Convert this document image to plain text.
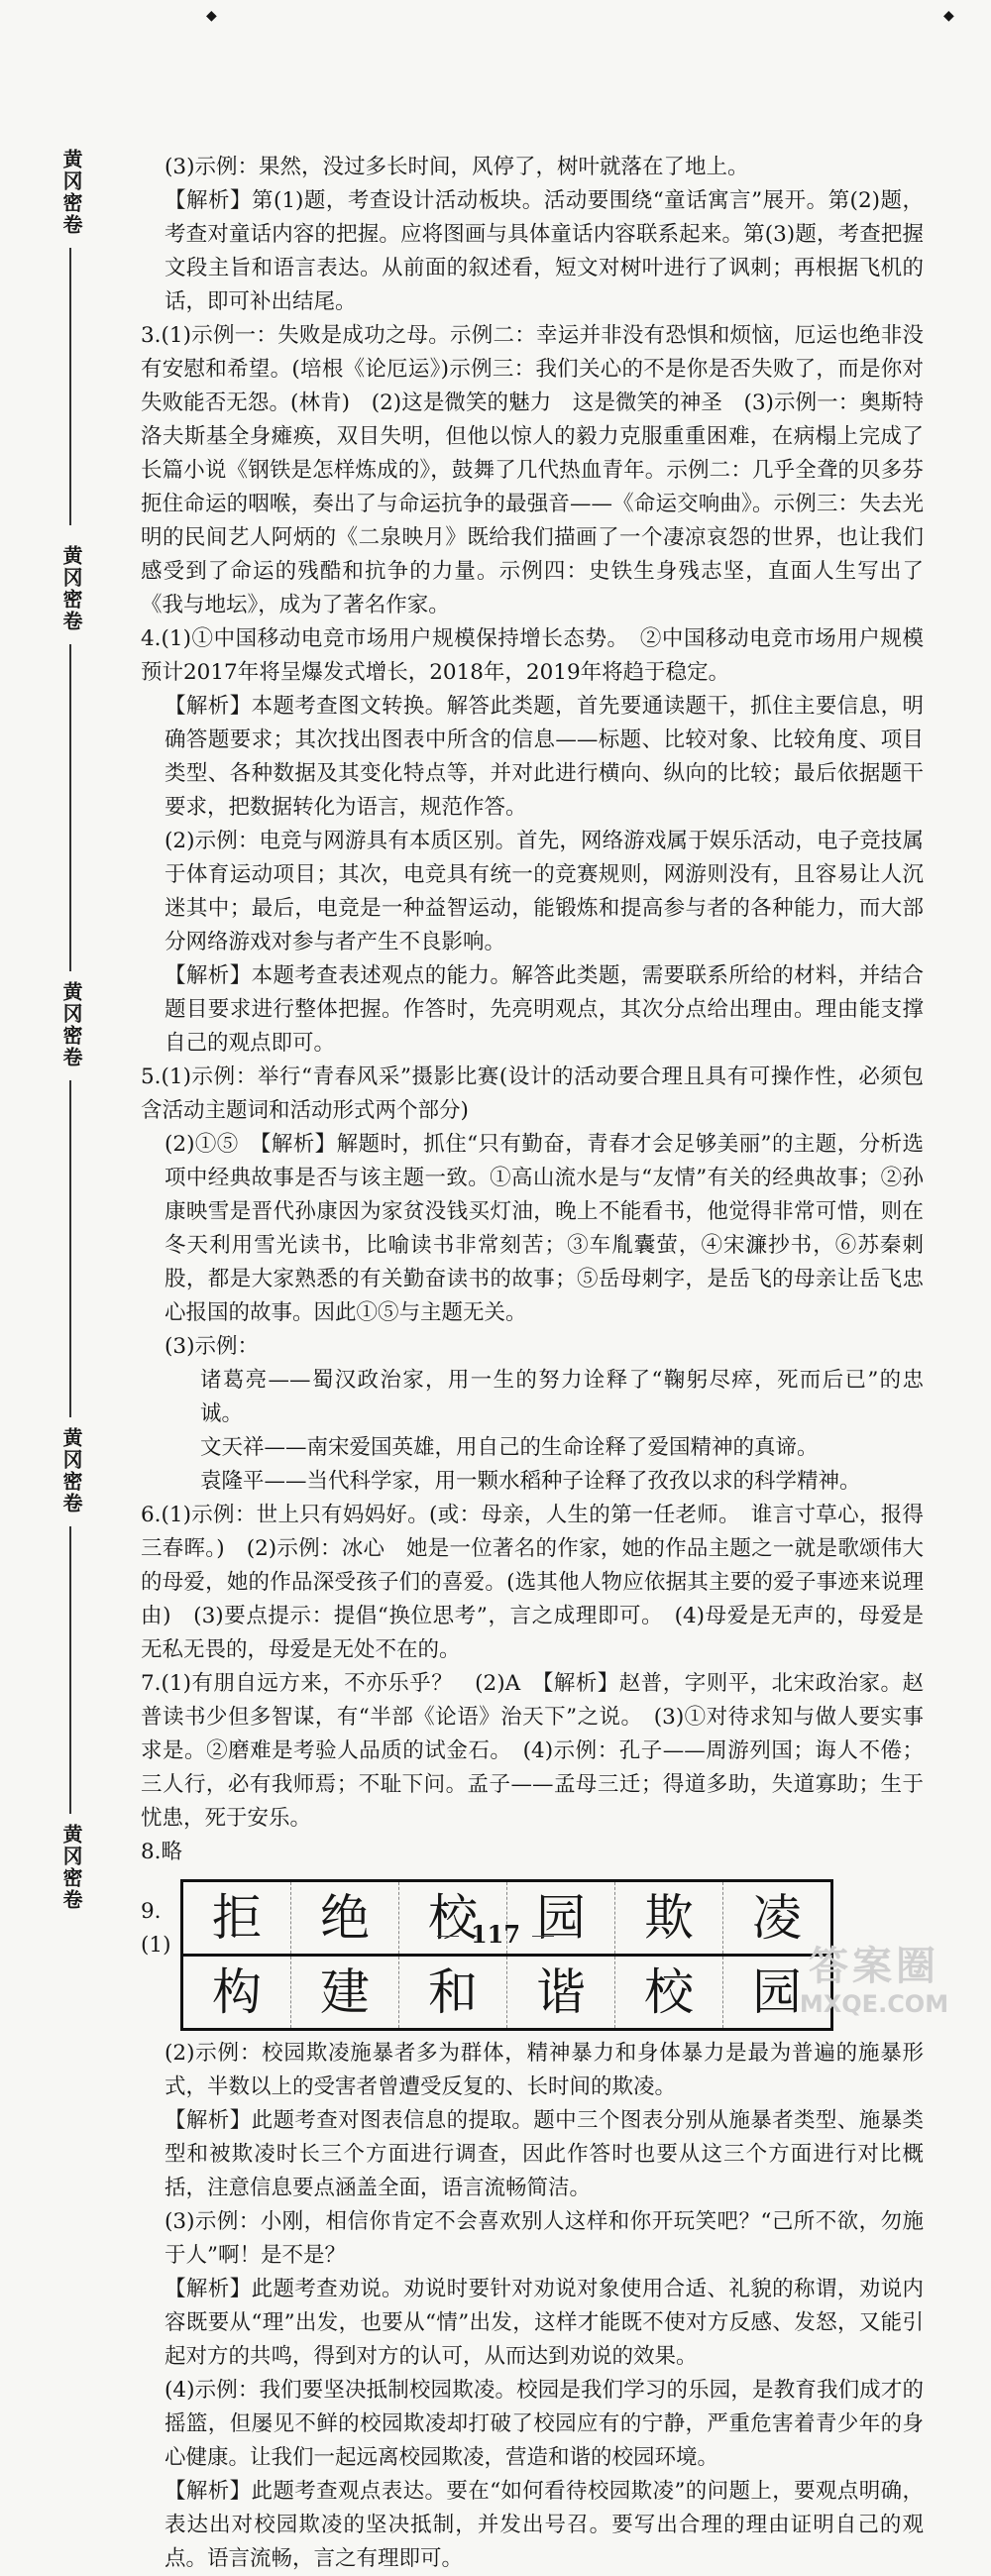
◆	◆
黄冈密卷
黄冈密卷
黄冈密卷
黄冈密卷
黄冈密卷

(3)示例：果然，没过多长时间，风停了，树叶就落在了地上。

【解析】第(1)题，考查设计活动板块。活动要围绕“童话寓言”展开。第(2)题，考查对童话内容的把握。应将图画与具体童话内容联系起来。第(3)题，考查把握文段主旨和语言表达。从前面的叙述看，短文对树叶进行了讽刺；再根据飞机的话，即可补出结尾。

3.(1)示例一：失败是成功之母。示例二：幸运并非没有恐惧和烦恼，厄运也绝非没有安慰和希望。(培根《论厄运》)示例三：我们关心的不是你是否失败了，而是你对失败能否无怨。(林肯)　(2)这是微笑的魅力　这是微笑的神圣　(3)示例一：奥斯特洛夫斯基全身瘫痪，双目失明，但他以惊人的毅力克服重重困难，在病榻上完成了长篇小说《钢铁是怎样炼成的》，鼓舞了几代热血青年。示例二：几乎全聋的贝多芬扼住命运的咽喉，奏出了与命运抗争的最强音——《命运交响曲》。示例三：失去光明的民间艺人阿炳的《二泉映月》既给我们描画了一个凄凉哀怨的世界，也让我们感受到了命运的残酷和抗争的力量。示例四：史铁生身残志坚，直面人生写出了《我与地坛》，成为了著名作家。

4.(1)①中国移动电竞市场用户规模保持增长态势。　②中国移动电竞市场用户规模预计2017年将呈爆发式增长，2018年，2019年将趋于稳定。

【解析】本题考查图文转换。解答此类题，首先要通读题干，抓住主要信息，明确答题要求；其次找出图表中所含的信息——标题、比较对象、比较角度、项目类型、各种数据及其变化特点等，并对此进行横向、纵向的比较；最后依据题干要求，把数据转化为语言，规范作答。

(2)示例：电竞与网游具有本质区别。首先，网络游戏属于娱乐活动，电子竞技属于体育运动项目；其次，电竞具有统一的竞赛规则，网游则没有，且容易让人沉迷其中；最后，电竞是一种益智运动，能锻炼和提高参与者的各种能力，而大部分网络游戏对参与者产生不良影响。

【解析】本题考查表述观点的能力。解答此类题，需要联系所给的材料，并结合题目要求进行整体把握。作答时，先亮明观点，其次分点给出理由。理由能支撑自己的观点即可。

5.(1)示例：举行“青春风采”摄影比赛(设计的活动要合理且具有可操作性，必须包含活动主题词和活动形式两个部分)

(2)①⑤　【解析】解题时，抓住“只有勤奋，青春才会足够美丽”的主题，分析选项中经典故事是否与该主题一致。①高山流水是与“友情”有关的经典故事；②孙康映雪是晋代孙康因为家贫没钱买灯油，晚上不能看书，他觉得非常可惜，则在冬天利用雪光读书，比喻读书非常刻苦；③车胤囊萤，④宋濂抄书，⑥苏秦刺股，都是大家熟悉的有关勤奋读书的故事；⑤岳母刺字，是岳飞的母亲让岳飞忠心报国的故事。因此①⑤与主题无关。

(3)示例：

诸葛亮——蜀汉政治家，用一生的努力诠释了“鞠躬尽瘁，死而后已”的忠诚。

文天祥——南宋爱国英雄，用自己的生命诠释了爱国精神的真谛。

袁隆平——当代科学家，用一颗水稻种子诠释了孜孜以求的科学精神。

6.(1)示例：世上只有妈妈好。(或：母亲，人生的第一任老师。　谁言寸草心，报得三春晖。)　(2)示例：冰心　她是一位著名的作家，她的作品主题之一就是歌颂伟大的母爱，她的作品深受孩子们的喜爱。(选其他人物应依据其主要的爱子事迹来说理由)　(3)要点提示：提倡“换位思考”，言之成理即可。　(4)母爱是无声的，母爱是无私无畏的，母爱是无处不在的。

7.(1)有朋自远方来，不亦乐乎？　(2)A　【解析】赵普，字则平，北宋政治家。赵普读书少但多智谋，有“半部《论语》治天下”之说。　(3)①对待求知与做人要实事求是。②磨难是考验人品质的试金石。　(4)示例：孔子——周游列国；诲人不倦；三人行，必有我师焉；不耻下问。孟子——孟母三迁；得道多助，失道寡助；生于忧患，死于安乐。

8.略

9.(1) 拒	绝	校	园	欺	凌
构	建	和	谐	校	园

(2)示例：校园欺凌施暴者多为群体，精神暴力和身体暴力是最为普遍的施暴形式，半数以上的受害者曾遭受反复的、长时间的欺凌。

【解析】此题考查对图表信息的提取。题中三个图表分别从施暴者类型、施暴类型和被欺凌时长三个方面进行调查，因此作答时也要从这三个方面进行对比概括，注意信息要点涵盖全面，语言流畅简洁。

(3)示例：小刚，相信你肯定不会喜欢别人这样和你开玩笑吧？“己所不欲，勿施于人”啊！是不是？

【解析】此题考查劝说。劝说时要针对劝说对象使用合适、礼貌的称谓，劝说内容既要从“理”出发，也要从“情”出发，这样才能既不使对方反感、发怒，又能引起对方的共鸣，得到对方的认可，从而达到劝说的效果。

(4)示例：我们要坚决抵制校园欺凌。校园是我们学习的乐园，是教育我们成才的摇篮，但屡见不鲜的校园欺凌却打破了校园应有的宁静，严重危害着青少年的身心健康。让我们一起远离校园欺凌，营造和谐的校园环境。

【解析】此题考查观点表达。要在“如何看待校园欺凌”的问题上，要观点明确，表达出对校园欺凌的坚决抵制，并发出号召。要写出合理的理由证明自己的观点。语言流畅，言之有理即可。

117
答案圈
MXQE.COM
